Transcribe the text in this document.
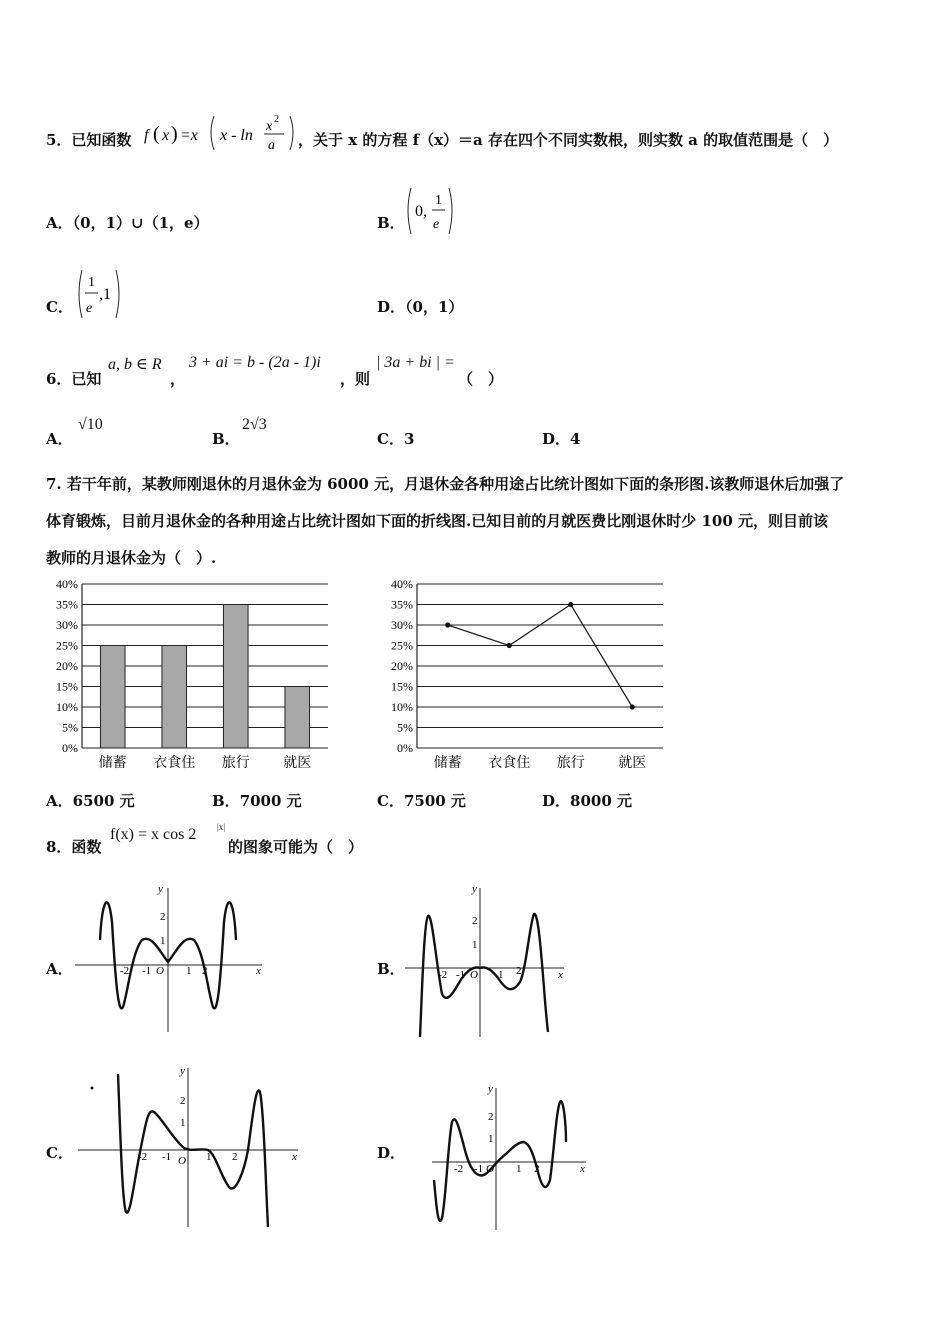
5．已知函数 f ( x ) =x x - ln
x 2
a ，关于 x 的方程 f（x）＝a 存在四个不同实数根，则实数 a 的取值范围是（　）
A．（0，1）∪（1，e）	B．
0,
1
e
C．
1
e
,1
D．（0，1）
6．已知
a, b ∈ R
，
3 + ai = b - (2a - 1)i
，则
| 3a + bi | =
（　）
A．
√10
B．
2√3
C．3	D．4
7. 若干年前，某教师刚退休的月退休金为 6000 元，月退休金各种用途占比统计图如下面的条形图.该教师退休后加强了
体育锻炼，目前月退休金的各种用途占比统计图如下面的折线图.已知目前的月就医费比刚退休时少 100 元，则目前该
教师的月退休金为（　）.
0%
5%
10%
15%
20%
25%
30%
35%
40%
储蓄 衣食住 旅行 就医
0%
5%
10%
15%
20%
25%
30%
35%
40%
储蓄 衣食住 旅行 就医
A．6500 元	B．7000 元	C．7500 元	D．8000 元
8．函数
f(x) = x cos 2 |x|
的图象可能为（　）
A．	B．
C．	D．
-2 -1 O 1 2
1
2
x
y
-2 -1 O 1 2
1
2
x
y
-2 -1 O 1 2
1
2
x
y
-2 -1 O 1 2
1
2
x
y
